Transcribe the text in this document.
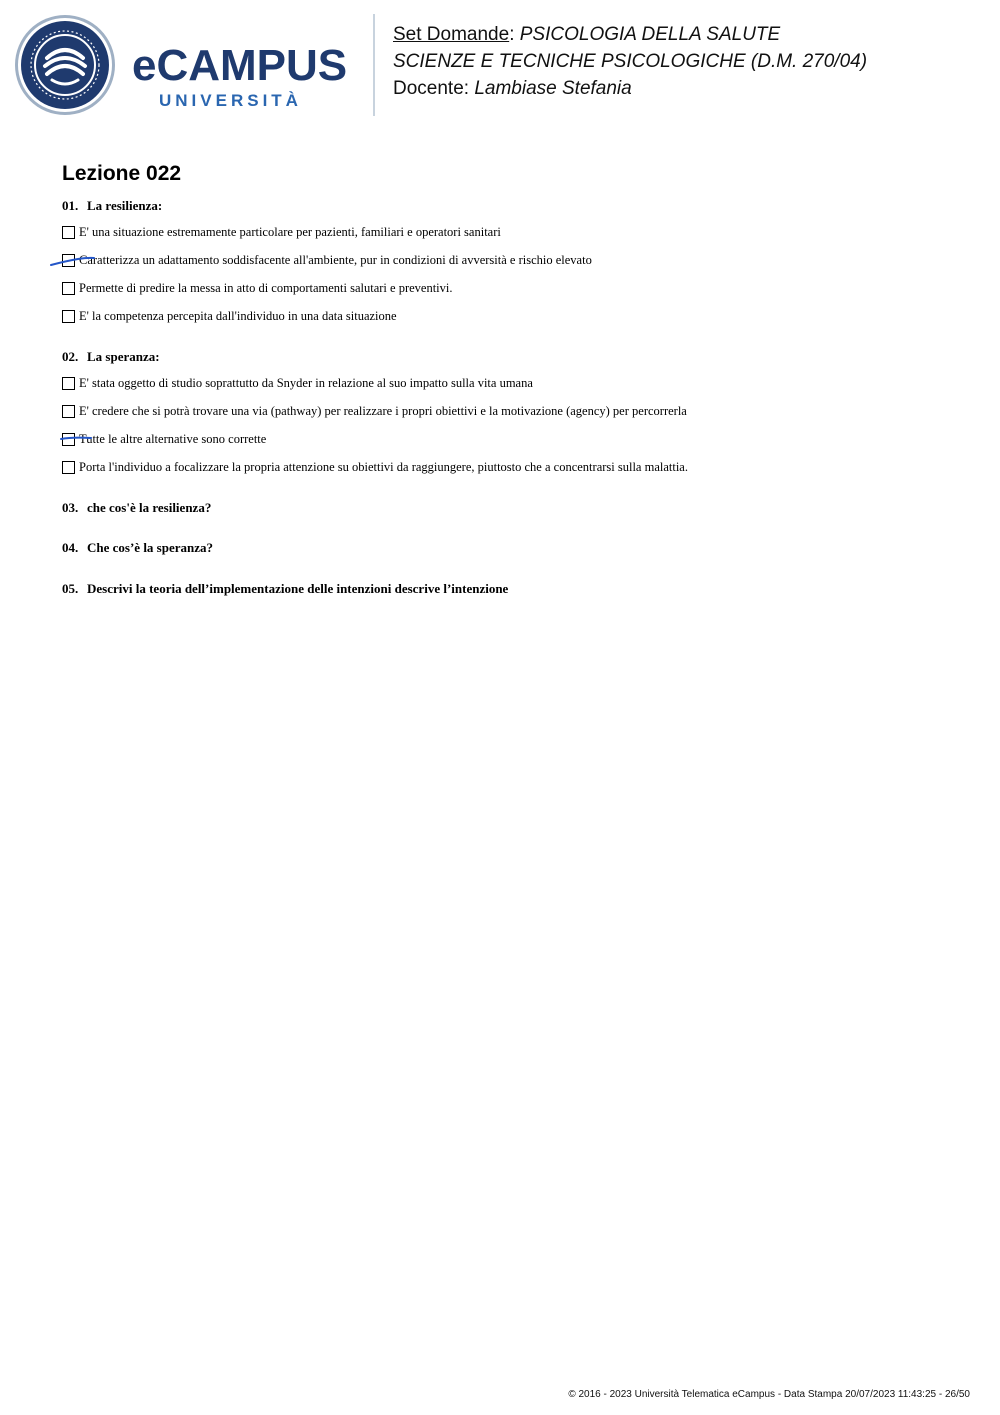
eCAMPUS
UNIVERSITÀ
Set Domande: PSICOLOGIA DELLA SALUTE
SCIENZE E TECNICHE PSICOLOGICHE (D.M. 270/04)
Docente: Lambiase Stefania
Lezione 022
01. La resilienza:
E' una situazione estremamente particolare per pazienti, familiari e operatori sanitari
Caratterizza un adattamento soddisfacente all'ambiente, pur in condizioni di avversità e rischio elevato
Permette di predire la messa in atto di comportamenti salutari e preventivi.
E' la competenza percepita dall'individuo in una data situazione
02. La speranza:
E' stata oggetto di studio soprattutto da Snyder in relazione al suo impatto sulla vita umana
E' credere che si potrà trovare una via (pathway) per realizzare i propri obiettivi e la motivazione (agency) per percorrerla
Tutte le altre alternative sono corrette
Porta l'individuo a focalizzare la propria attenzione su obiettivi da raggiungere, piuttosto che a concentrarsi sulla malattia.
03. che cos'è la resilienza?
04. Che cos’è la speranza?
05. Descrivi la teoria dell’implementazione delle intenzioni descrive l’intenzione
© 2016 - 2023 Università Telematica eCampus - Data Stampa 20/07/2023 11:43:25 - 26/50
